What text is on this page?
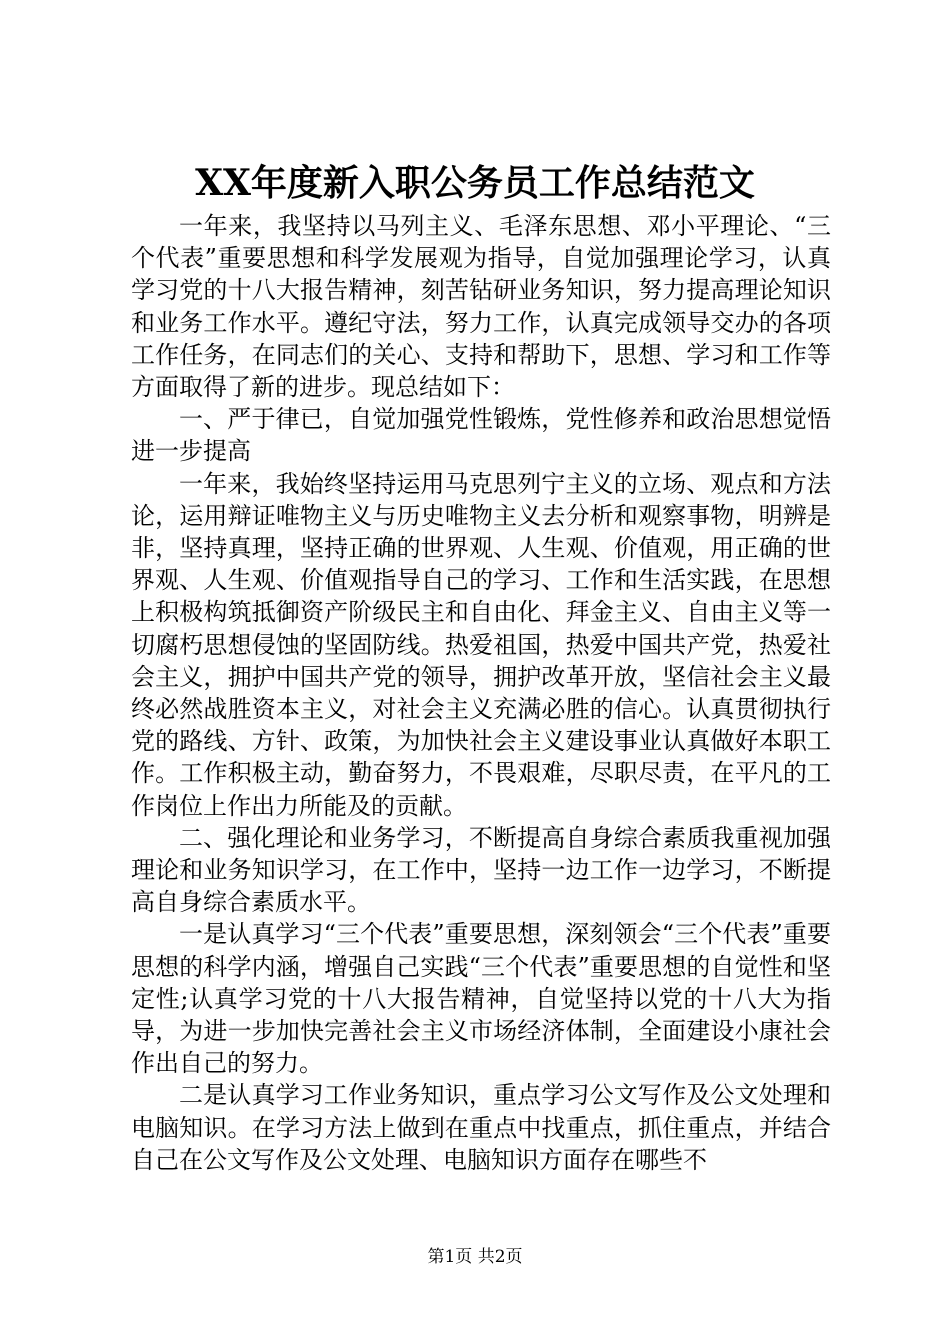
XX年度新入职公务员工作总结范文

一年来，我坚持以马列主义、毛泽东思想、邓小平理论、“三个代表”重要思想和科学发展观为指导，自觉加强理论学习，认真学习党的十八大报告精神，刻苦钻研业务知识，努力提高理论知识和业务工作水平。遵纪守法，努力工作，认真完成领导交办的各项工作任务，在同志们的关心、支持和帮助下，思想、学习和工作等方面取得了新的进步。现总结如下：

一、严于律已，自觉加强党性锻炼，党性修养和政治思想觉悟进一步提高

一年来，我始终坚持运用马克思列宁主义的立场、观点和方法论，运用辩证唯物主义与历史唯物主义去分析和观察事物，明辨是非，坚持真理，坚持正确的世界观、人生观、价值观，用正确的世界观、人生观、价值观指导自己的学习、工作和生活实践，在思想上积极构筑抵御资产阶级民主和自由化、拜金主义、自由主义等一切腐朽思想侵蚀的坚固防线。热爱祖国，热爱中国共产党，热爱社会主义，拥护中国共产党的领导，拥护改革开放，坚信社会主义最终必然战胜资本主义，对社会主义充满必胜的信心。认真贯彻执行党的路线、方针、政策，为加快社会主义建设事业认真做好本职工作。工作积极主动，勤奋努力，不畏艰难，尽职尽责，在平凡的工作岗位上作出力所能及的贡献。

二、强化理论和业务学习，不断提高自身综合素质我重视加强理论和业务知识学习，在工作中，坚持一边工作一边学习，不断提高自身综合素质水平。

一是认真学习“三个代表”重要思想，深刻领会“三个代表”重要思想的科学内涵，增强自己实践“三个代表”重要思想的自觉性和坚定性;认真学习党的十八大报告精神，自觉坚持以党的十八大为指导，为进一步加快完善社会主义市场经济体制，全面建设小康社会作出自己的努力。

二是认真学习工作业务知识，重点学习公文写作及公文处理和电脑知识。在学习方法上做到在重点中找重点，抓住重点，并结合自己在公文写作及公文处理、电脑知识方面存在哪些不

第1页 共2页
